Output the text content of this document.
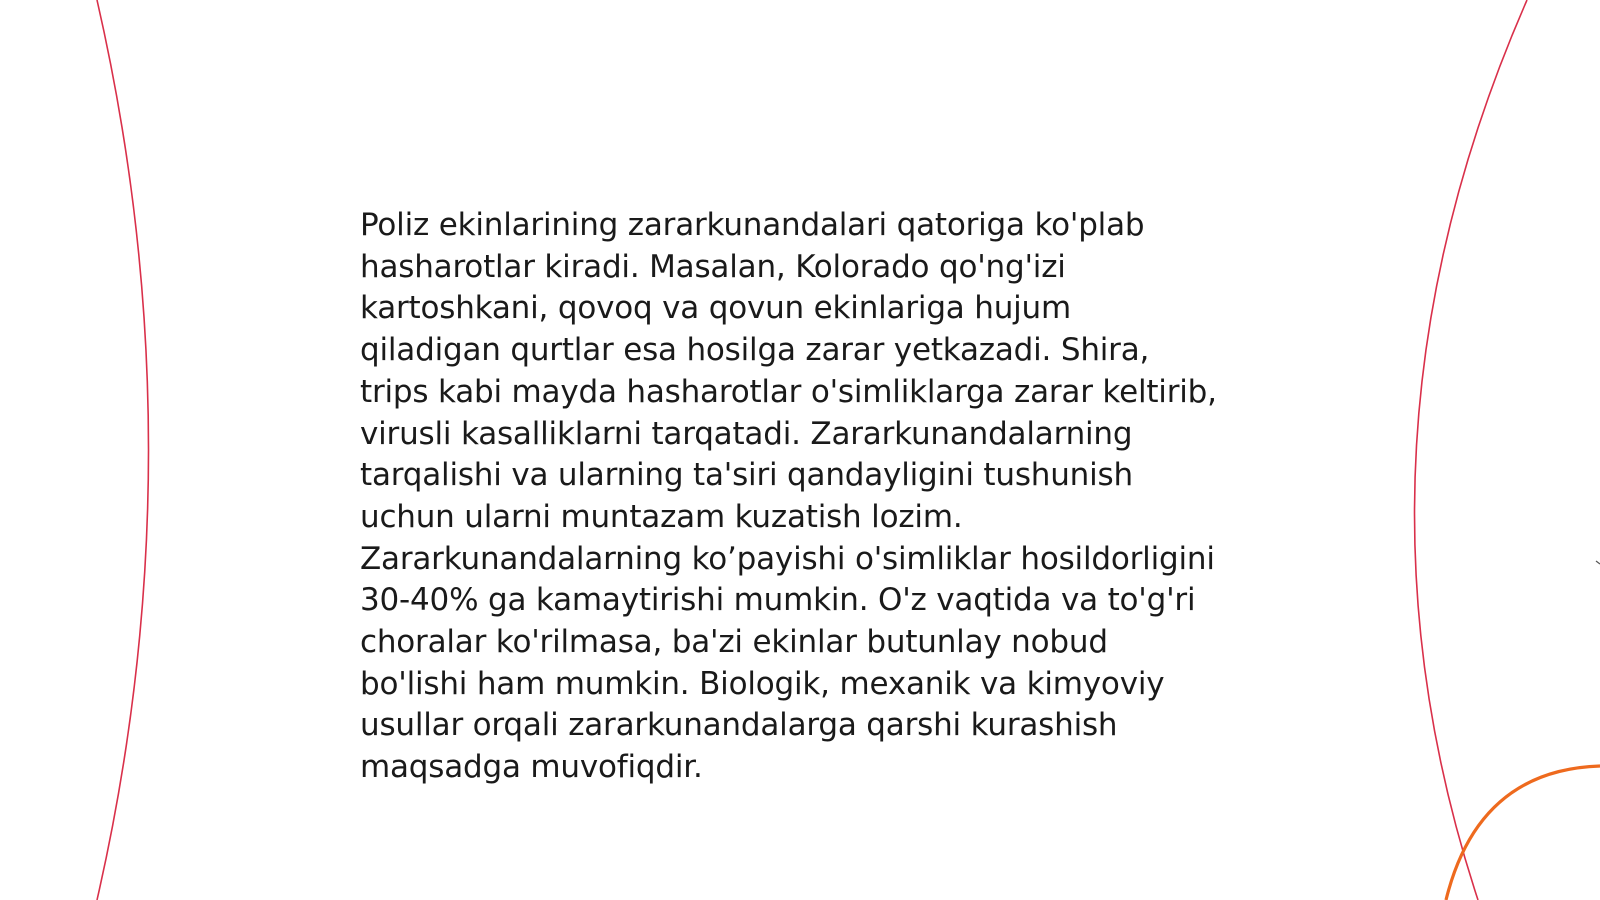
Poliz ekinlarining zararkunandalari qatoriga ko'plab hasharotlar kiradi. Masalan, Kolorado qo'ng'izi kartoshkani, qovoq va qovun ekinlariga hujum qiladigan qurtlar esa hosilga zarar yetkazadi. Shira, trips kabi mayda hasharotlar o'simliklarga zarar keltirib, virusli kasalliklarni tarqatadi. Zararkunandalarning tarqalishi va ularning ta'siri qandayligini tushunish uchun ularni muntazam kuzatish lozim. Zararkunandalarning ko’payishi o'simliklar hosildorligini 30-40% ga kamaytirishi mumkin. O'z vaqtida va to'g'ri choralar ko'rilmasa, ba'zi ekinlar butunlay nobud bo'lishi ham mumkin. Biologik, mexanik va kimyoviy usullar orqali zararkunandalarga qarshi kurashish maqsadga muvofiqdir.
